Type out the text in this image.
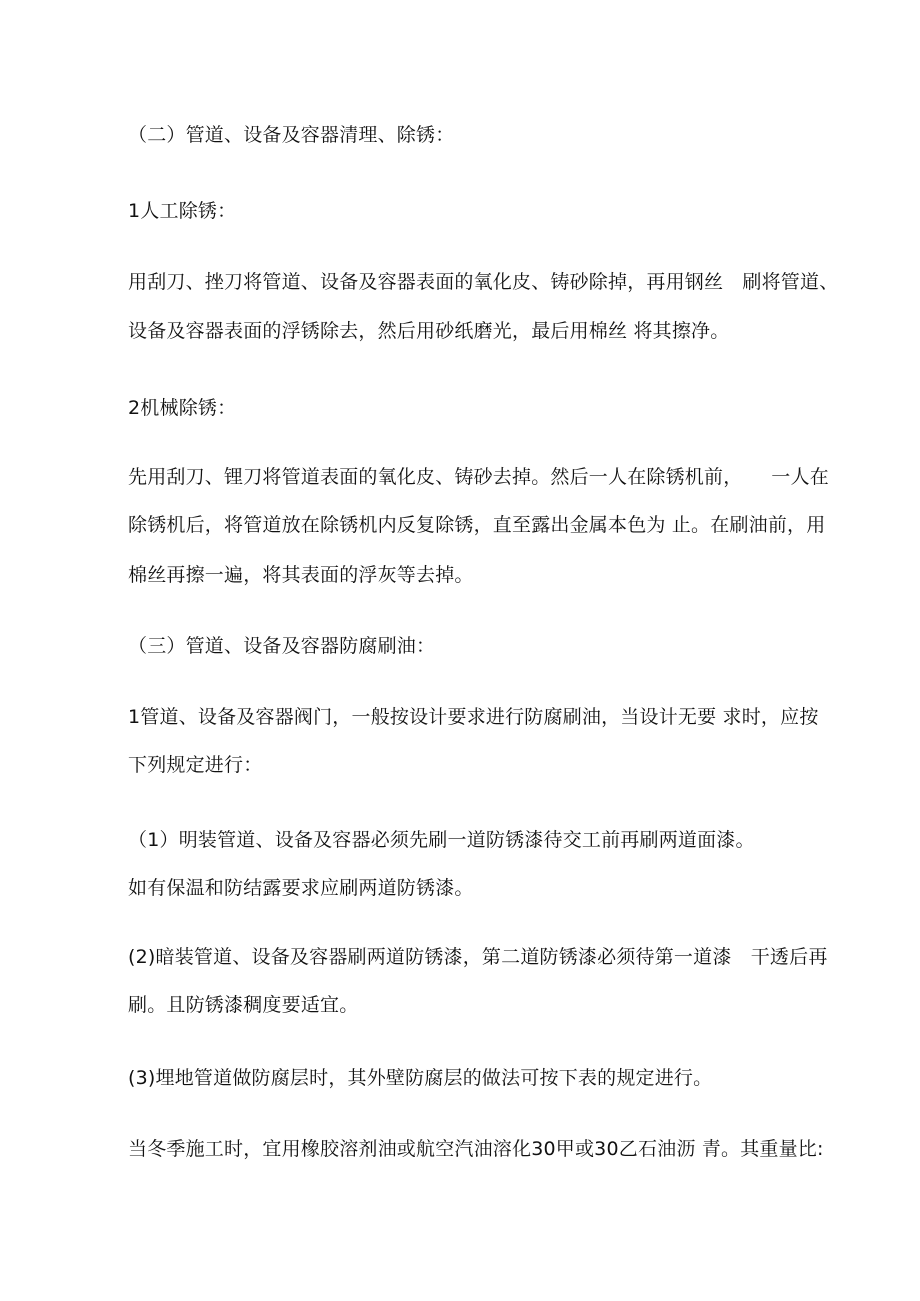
（二）管道、设备及容器清理、除锈：
1人工除锈：
用刮刀、挫刀将管道、设备及容器表面的氧化皮、铸砂除掉，再用钢丝　刷将管道、
设备及容器表面的浮锈除去，然后用砂纸磨光，最后用棉丝 将其擦净。
2机械除锈：
先用刮刀、锂刀将管道表面的氧化皮、铸砂去掉。然后一人在除锈机前，　　一人在
除锈机后，将管道放在除锈机内反复除锈，直至露出金属本色为 止。在刷油前，用
棉丝再擦一遍，将其表面的浮灰等去掉。
（三）管道、设备及容器防腐刷油：
1管道、设备及容器阀门，一般按设计要求进行防腐刷油，当设计无要 求时，应按
下列规定进行：
（1）明装管道、设备及容器必须先刷一道防锈漆待交工前再刷两道面漆。
如有保温和防结露要求应刷两道防锈漆。
(2)暗装管道、设备及容器刷两道防锈漆，第二道防锈漆必须待第一道漆　干透后再
刷。且防锈漆稠度要适宜。
(3)埋地管道做防腐层时，其外壁防腐层的做法可按下表的规定进行。
当冬季施工时，宜用橡胶溶剂油或航空汽油溶化30甲或30乙石油沥 青。其重量比:
